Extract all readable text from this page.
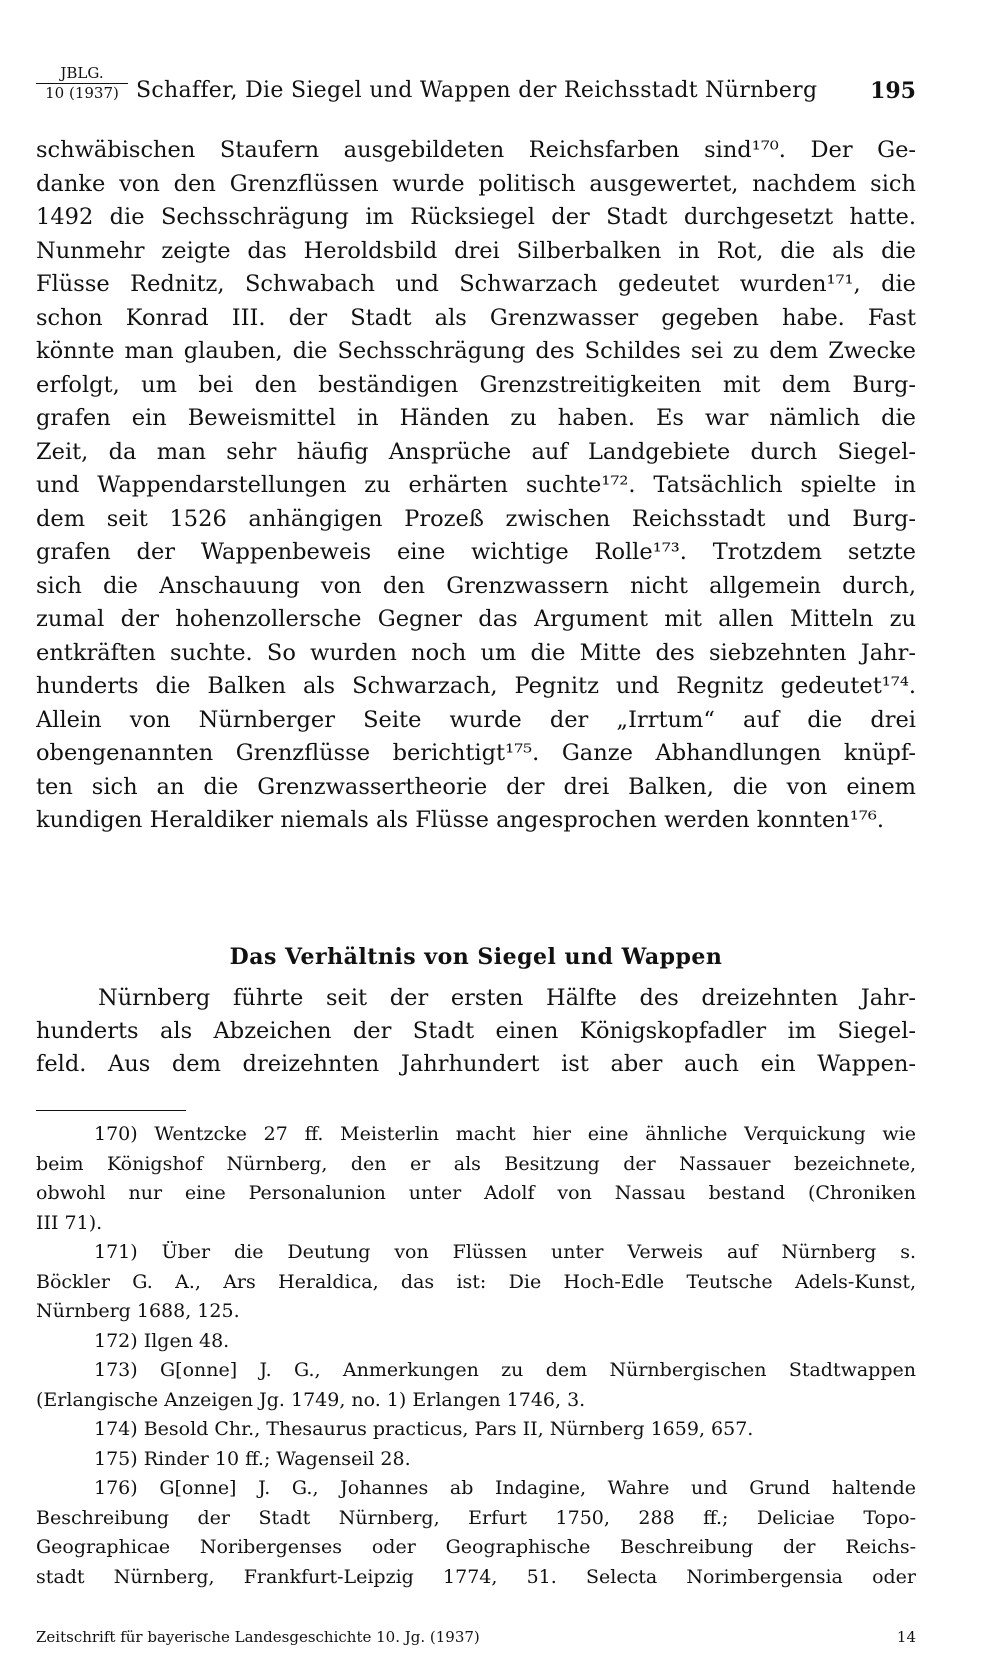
JBLG.
10 (1937) Schaffer, Die Siegel und Wappen der Reichsstadt Nürnberg 195
schwäbischen Staufern ausgebildeten Reichsfarben sind¹⁷⁰. Der Ge-
danke von den Grenzflüssen wurde politisch ausgewertet, nachdem sich
1492 die Sechsschrägung im Rücksiegel der Stadt durchgesetzt hatte.
Nunmehr zeigte das Heroldsbild drei Silberbalken in Rot, die als die
Flüsse Rednitz, Schwabach und Schwarzach gedeutet wurden¹⁷¹, die
schon Konrad III. der Stadt als Grenzwasser gegeben habe. Fast
könnte man glauben, die Sechsschrägung des Schildes sei zu dem Zwecke
erfolgt, um bei den beständigen Grenzstreitigkeiten mit dem Burg-
grafen ein Beweismittel in Händen zu haben. Es war nämlich die
Zeit, da man sehr häufig Ansprüche auf Landgebiete durch Siegel-
und Wappendarstellungen zu erhärten suchte¹⁷². Tatsächlich spielte in
dem seit 1526 anhängigen Prozeß zwischen Reichsstadt und Burg-
grafen der Wappenbeweis eine wichtige Rolle¹⁷³. Trotzdem setzte
sich die Anschauung von den Grenzwassern nicht allgemein durch,
zumal der hohenzollersche Gegner das Argument mit allen Mitteln zu
entkräften suchte. So wurden noch um die Mitte des siebzehnten Jahr-
hunderts die Balken als Schwarzach, Pegnitz und Regnitz gedeutet¹⁷⁴.
Allein von Nürnberger Seite wurde der „Irrtum“ auf die drei
obengenannten Grenzflüsse berichtigt¹⁷⁵. Ganze Abhandlungen knüpf-
ten sich an die Grenzwassertheorie der drei Balken, die von einem
kundigen Heraldiker niemals als Flüsse angesprochen werden konnten¹⁷⁶.
Das Verhältnis von Siegel und Wappen
Nürnberg führte seit der ersten Hälfte des dreizehnten Jahr-
hunderts als Abzeichen der Stadt einen Königskopfadler im Siegel-
feld. Aus dem dreizehnten Jahrhundert ist aber auch ein Wappen-
170) Wentzcke 27 ff. Meisterlin macht hier eine ähnliche Verquickung wie
beim Königshof Nürnberg, den er als Besitzung der Nassauer bezeichnete,
obwohl nur eine Personalunion unter Adolf von Nassau bestand (Chroniken
III 71).
171) Über die Deutung von Flüssen unter Verweis auf Nürnberg s.
Böckler G. A., Ars Heraldica, das ist: Die Hoch-Edle Teutsche Adels-Kunst,
Nürnberg 1688, 125.
172) Ilgen 48.
173) G[onne] J. G., Anmerkungen zu dem Nürnbergischen Stadtwappen
(Erlangische Anzeigen Jg. 1749, no. 1) Erlangen 1746, 3.
174) Besold Chr., Thesaurus practicus, Pars II, Nürnberg 1659, 657.
175) Rinder 10 ff.; Wagenseil 28.
176) G[onne] J. G., Johannes ab Indagine, Wahre und Grund haltende
Beschreibung der Stadt Nürnberg, Erfurt 1750, 288 ff.; Deliciae Topo-
Geographicae Noribergenses oder Geographische Beschreibung der Reichs-
stadt Nürnberg, Frankfurt-Leipzig 1774, 51. Selecta Norimbergensia oder
Zeitschrift für bayerische Landesgeschichte 10. Jg. (1937)	14
